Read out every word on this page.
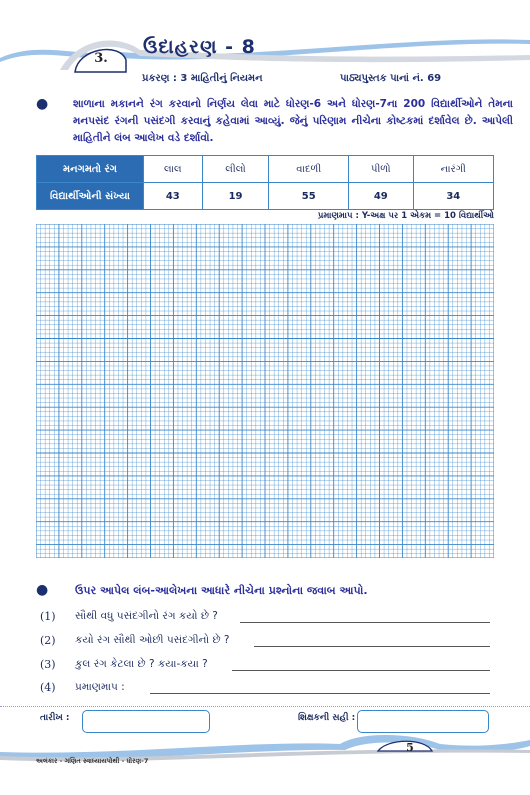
3.
ઉદાહરણ - 8
પ્રકરણ : 3 માહિતીનું નિયમન	પાઠ્યપુસ્તક પાનાં નં. 69
● શાળાના મકાનને રંગ કરવાનો નિર્ણય લેવા માટે ધોરણ-6 અને ધોરણ-7ના 200 વિદ્યાર્થીઓને તેમના મનપસંદ રંગની પસંદગી કરવાનું કહેવામાં આવ્યું. જેનું પરિણામ નીચેના કોષ્ટકમાં દર્શાવેલ છે. આપેલી માહિતીને લંબ આલેખ વડે દર્શાવો.
મનગમતો રંગ	લાલ	લીલો	વાદળી	પીળો	નારંગી
વિદ્યાર્થીઓની સંખ્યા	43	19	55	49	34
પ્રમાણમાપ : Y-અક્ષ પર 1 એકમ = 10 વિદ્યાર્થીઓ
● ઉપર આપેલ લંબ-આલેખના આધારે નીચેના પ્રશ્નોના જવાબ આપો.
(1) સૌથી વધુ પસંદગીનો રંગ કયો છે ?
(2) કયો રંગ સૌથી ઓછી પસંદગીનો છે ?
(3) કુલ રંગ કેટલા છે ? કયા-કયા ?
(4) પ્રમાણમાપ :
તારીખ :	શિક્ષકની સહી :
5
અલંકાર - ગણિત સ્વાધ્યાયપોથી - ધોરણ-7
